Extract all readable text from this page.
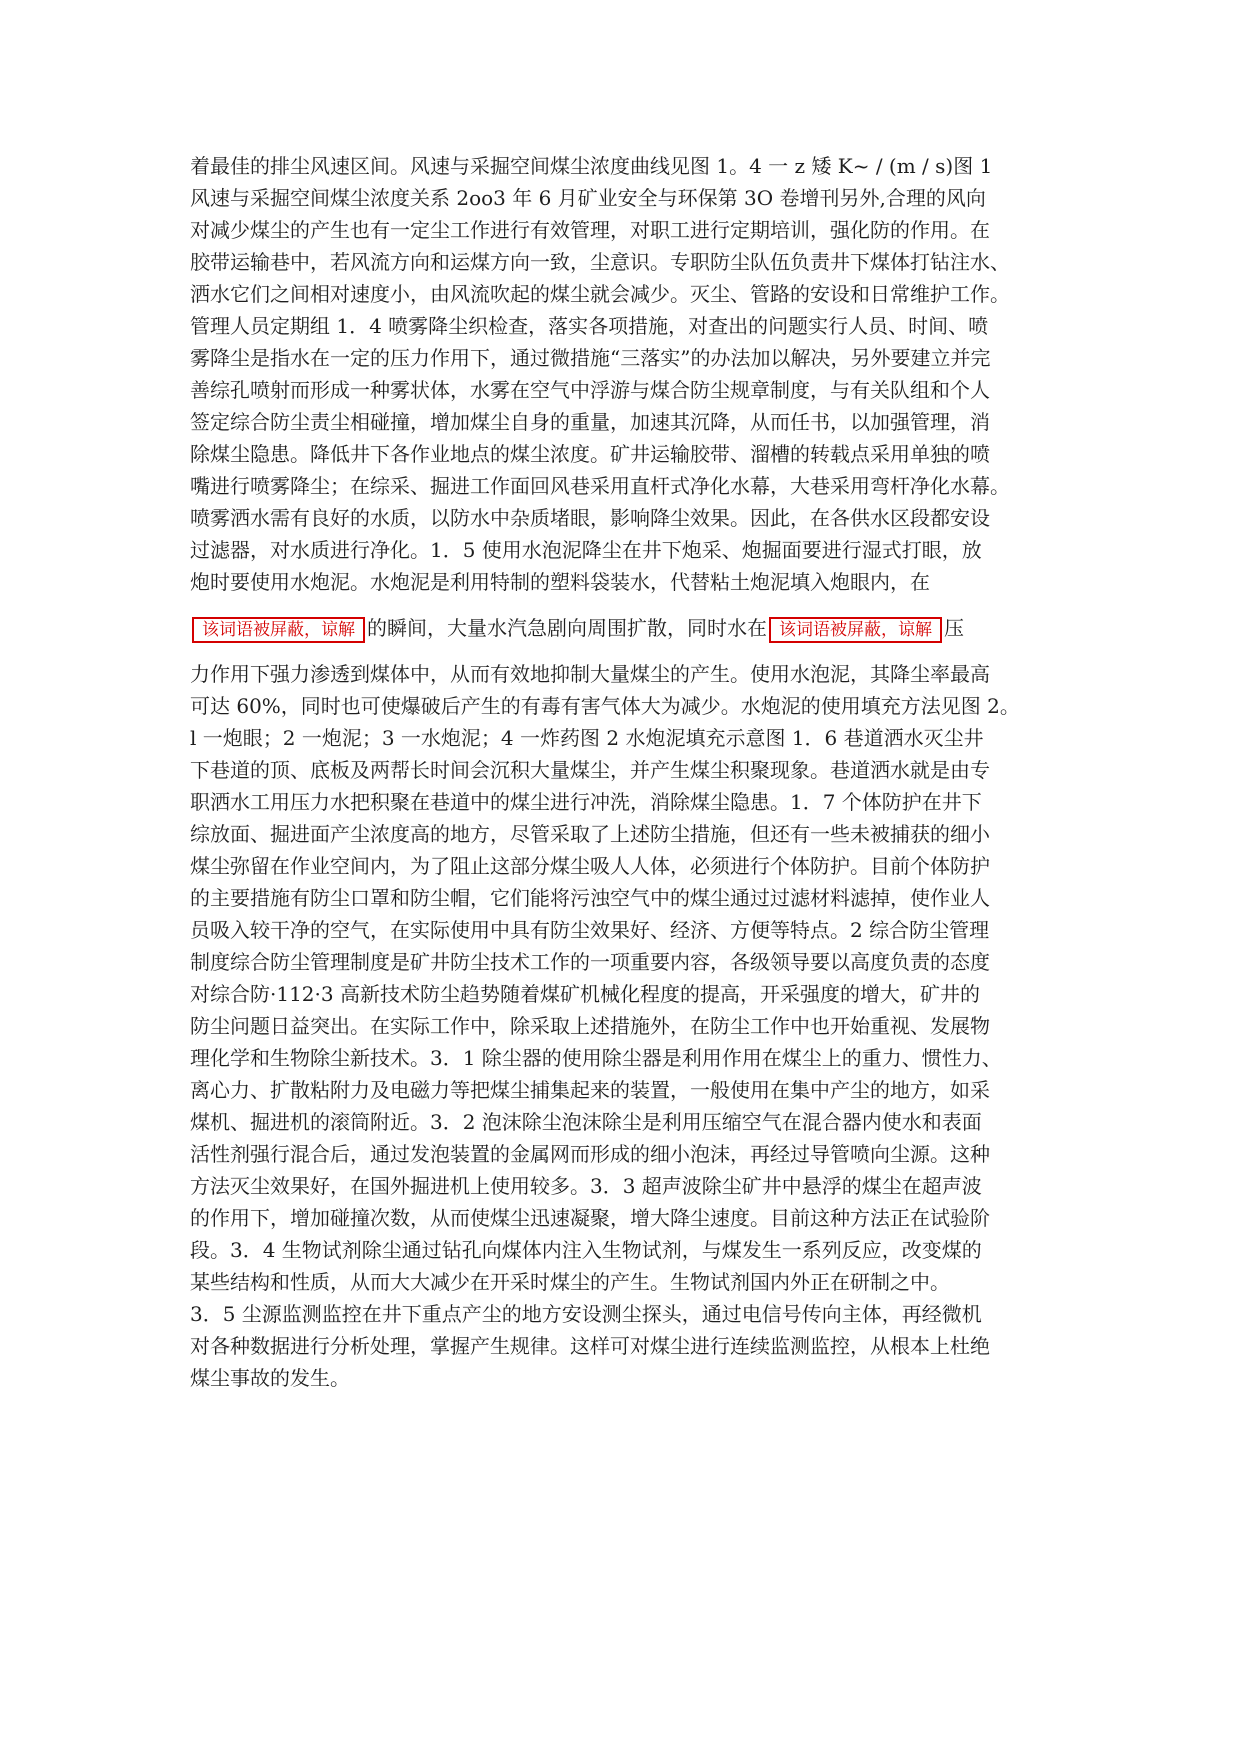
着最佳的排尘风速区间。风速与采掘空间煤尘浓度曲线见图 1。4 一 z 矮 K~ / (m / s)图 1
风速与采掘空间煤尘浓度关系 2oo3 年 6 月矿业安全与环保第 3O 卷增刊另外,合理的风向
对减少煤尘的产生也有一定尘工作进行有效管理，对职工进行定期培训，强化防的作用。在
胶带运输巷中，若风流方向和运煤方向一致，尘意识。专职防尘队伍负责井下煤体打钻注水、
洒水它们之间相对速度小，由风流吹起的煤尘就会减少。灭尘、管路的安设和日常维护工作。
管理人员定期组 1．4 喷雾降尘织检查，落实各项措施，对查出的问题实行人员、时间、喷
雾降尘是指水在一定的压力作用下，通过微措施“三落实”的办法加以解决，另外要建立并完
善综孔喷射而形成一种雾状体，水雾在空气中浮游与煤合防尘规章制度，与有关队组和个人
签定综合防尘责尘相碰撞，增加煤尘自身的重量，加速其沉降，从而任书，以加强管理，消
除煤尘隐患。降低井下各作业地点的煤尘浓度。矿井运输胶带、溜槽的转载点采用单独的喷
嘴进行喷雾降尘；在综采、掘进工作面回风巷采用直杆式净化水幕，大巷采用弯杆净化水幕。
喷雾洒水需有良好的水质，以防水中杂质堵眼，影响降尘效果。因此，在各供水区段都安设
过滤器，对水质进行净化。1．5 使用水泡泥降尘在井下炮采、炮掘面要进行湿式打眼，放
炮时要使用水炮泥。水炮泥是利用特制的塑料袋装水，代替粘土炮泥填入炮眼内，在
该词语被屏蔽，谅解 的瞬间，大量水汽急剧向周围扩散，同时水在 该词语被屏蔽，谅解 压
力作用下强力渗透到煤体中，从而有效地抑制大量煤尘的产生。使用水泡泥，其降尘率最高
可达 60%，同时也可使爆破后产生的有毒有害气体大为减少。水炮泥的使用填充方法见图 2。
l 一炮眼；2 一炮泥；3 一水炮泥；4 一炸药图 2 水炮泥填充示意图 1．6 巷道洒水灭尘井
下巷道的顶、底板及两帮长时间会沉积大量煤尘，并产生煤尘积聚现象。巷道洒水就是由专
职洒水工用压力水把积聚在巷道中的煤尘进行冲洗，消除煤尘隐患。1．7 个体防护在井下
综放面、掘进面产尘浓度高的地方，尽管采取了上述防尘措施，但还有一些未被捕获的细小
煤尘弥留在作业空间内，为了阻止这部分煤尘吸人人体，必须进行个体防护。目前个体防护
的主要措施有防尘口罩和防尘帽，它们能将污浊空气中的煤尘通过过滤材料滤掉，使作业人
员吸入较干净的空气，在实际使用中具有防尘效果好、经济、方便等特点。2 综合防尘管理
制度综合防尘管理制度是矿井防尘技术工作的一项重要内容，各级领导要以高度负责的态度
对综合防·112·3 高新技术防尘趋势随着煤矿机械化程度的提高，开采强度的增大，矿井的
防尘问题日益突出。在实际工作中，除采取上述措施外，在防尘工作中也开始重视、发展物
理化学和生物除尘新技术。3．1 除尘器的使用除尘器是利用作用在煤尘上的重力、惯性力、
离心力、扩散粘附力及电磁力等把煤尘捕集起来的装置，一般使用在集中产尘的地方，如采
煤机、掘进机的滚筒附近。3．2 泡沫除尘泡沫除尘是利用压缩空气在混合器内使水和表面
活性剂强行混合后，通过发泡装置的金属网而形成的细小泡沫，再经过导管喷向尘源。这种
方法灭尘效果好，在国外掘进机上使用较多。3．3 超声波除尘矿井中悬浮的煤尘在超声波
的作用下，增加碰撞次数，从而使煤尘迅速凝聚，增大降尘速度。目前这种方法正在试验阶
段。3．4 生物试剂除尘通过钻孔向煤体内注入生物试剂，与煤发生一系列反应，改变煤的
某些结构和性质，从而大大减少在开采时煤尘的产生。生物试剂国内外正在研制之中。
3．5 尘源监测监控在井下重点产尘的地方安设测尘探头，通过电信号传向主体，再经微机
对各种数据进行分析处理，掌握产生规律。这样可对煤尘进行连续监测监控，从根本上杜绝
煤尘事故的发生。
